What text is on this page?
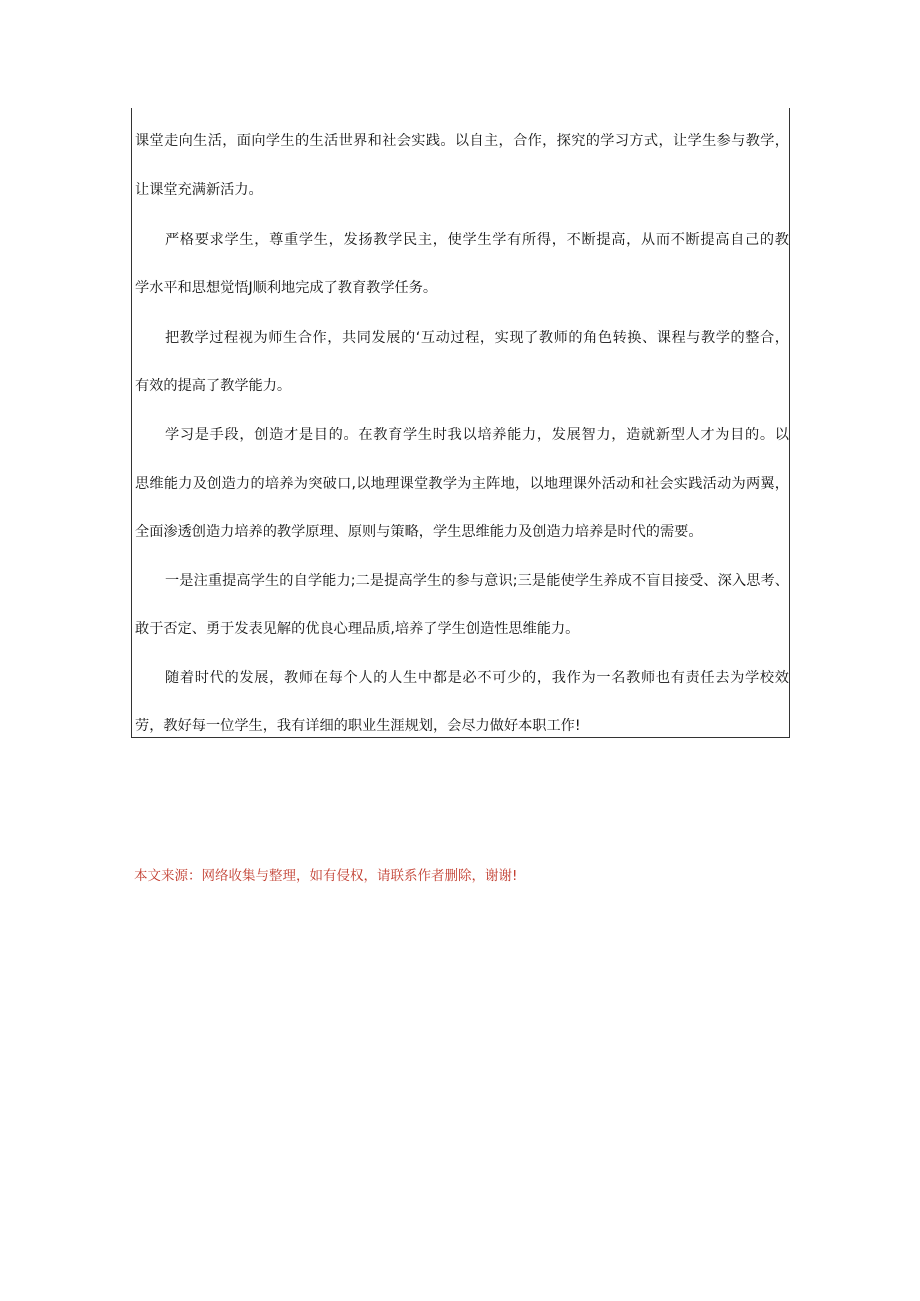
课堂走向生活，面向学生的生活世界和社会实践。以自主，合作，探究的学习方式，让学生参与教学，
让课堂充满新活力。
严格要求学生，尊重学生，发扬教学民主，使学生学有所得，不断提高，从而不断提高自己的教
学水平和思想觉悟J顺利地完成了教育教学任务。
把教学过程视为师生合作，共同发展的‘互动过程，实现了教师的角色转换、课程与教学的整合，
有效的提高了教学能力。
学习是手段，创造才是目的。在教育学生时我以培养能力，发展智力，造就新型人才为目的。以
思维能力及创造力的培养为突破口,以地理课堂教学为主阵地，以地理课外活动和社会实践活动为两翼，
全面渗透创造力培养的教学原理、原则与策略，学生思维能力及创造力培养是时代的需要。
一是注重提高学生的自学能力;二是提高学生的参与意识;三是能使学生养成不盲目接受、深入思考、
敢于否定、勇于发表见解的优良心理品质,培养了学生创造性思维能力。
随着时代的发展，教师在每个人的人生中都是必不可少的，我作为一名教师也有责任去为学校效
劳，教好每一位学生，我有详细的职业生涯规划，会尽力做好本职工作!
本文来源：网络收集与整理，如有侵权，请联系作者删除，谢谢!
